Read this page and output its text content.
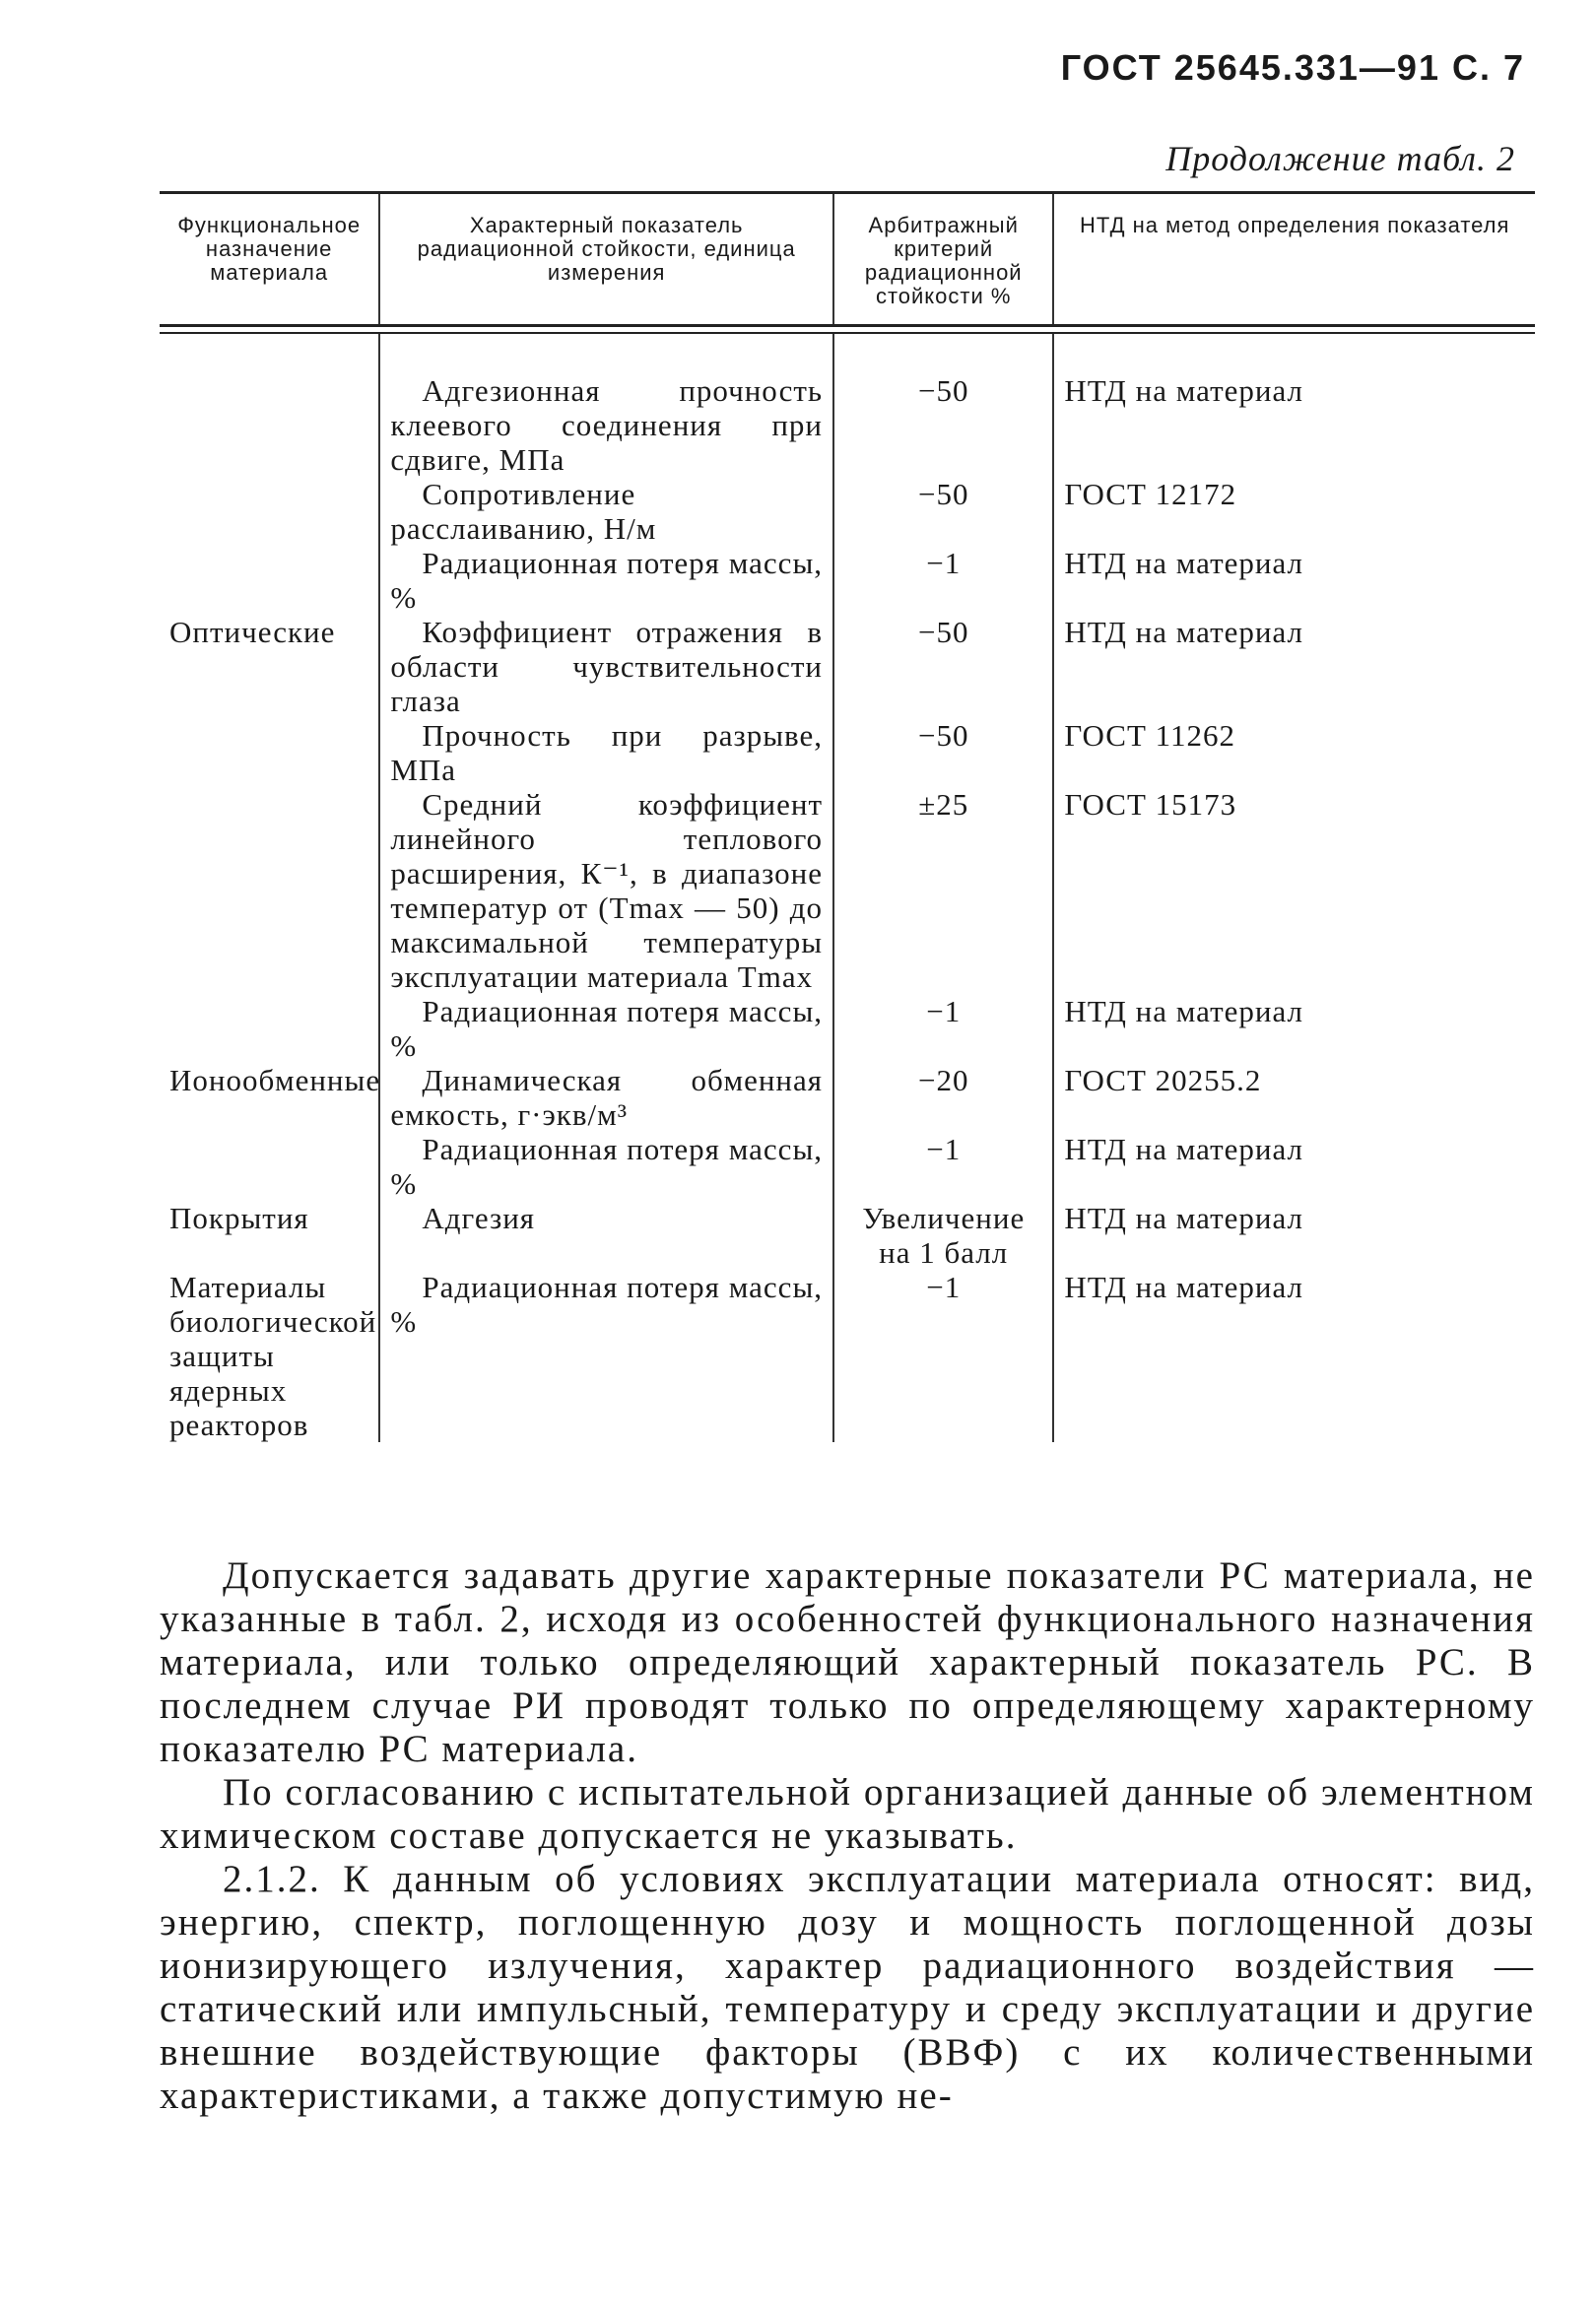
ГОСТ 25645.331—91 С. 7
Продолжение табл. 2
Функциональное назначение материала	Характерный показатель радиационной стойкости, единица измерения	Арбитражный критерий радиационной стойкости %	НТД на метод определения показателя

	Адгезионная прочность клеевого соединения при сдвиге, МПа	−50	НТД на материал
	Сопротивление расслаиванию, Н/м	−50	ГОСТ 12172
	Радиационная потеря массы, %	−1	НТД на материал
Оптические	Коэффициент отражения в области чувствительности глаза	−50	НТД на материал
	Прочность при разрыве, МПа	−50	ГОСТ 11262
	Средний коэффициент линейного теплового расширения, К⁻¹, в диапазоне температур от (Tmax — 50) до максимальной температуры эксплуатации материала Tmax	±25	ГОСТ 15173
	Радиационная потеря массы, %	−1	НТД на материал
Ионообменные	Динамическая обменная емкость, г·экв/м³	−20	ГОСТ 20255.2
	Радиационная потеря массы, %	−1	НТД на материал
Покрытия	Адгезия	Увеличение на 1 балл	НТД на материал
Материалы биологической защиты ядерных реакторов	Радиационная потеря массы, %	−1	НТД на материал

Допускается задавать другие характерные показатели РС материала, не указанные в табл. 2, исходя из особенностей функционального назначения материала, или только определяющий характерный показатель РС. В последнем случае РИ проводят только по определяющему характерному показателю РС материала.

По согласованию с испытательной организацией данные об элементном химическом составе допускается не указывать.

2.1.2. К данным об условиях эксплуатации материала относят: вид, энергию, спектр, поглощенную дозу и мощность поглощенной дозы ионизирующего излучения, характер радиационного воздействия — статический или импульсный, температуру и среду эксплуатации и другие внешние воздействующие факторы (ВВФ) с их количественными характеристиками, а также допустимую не-
